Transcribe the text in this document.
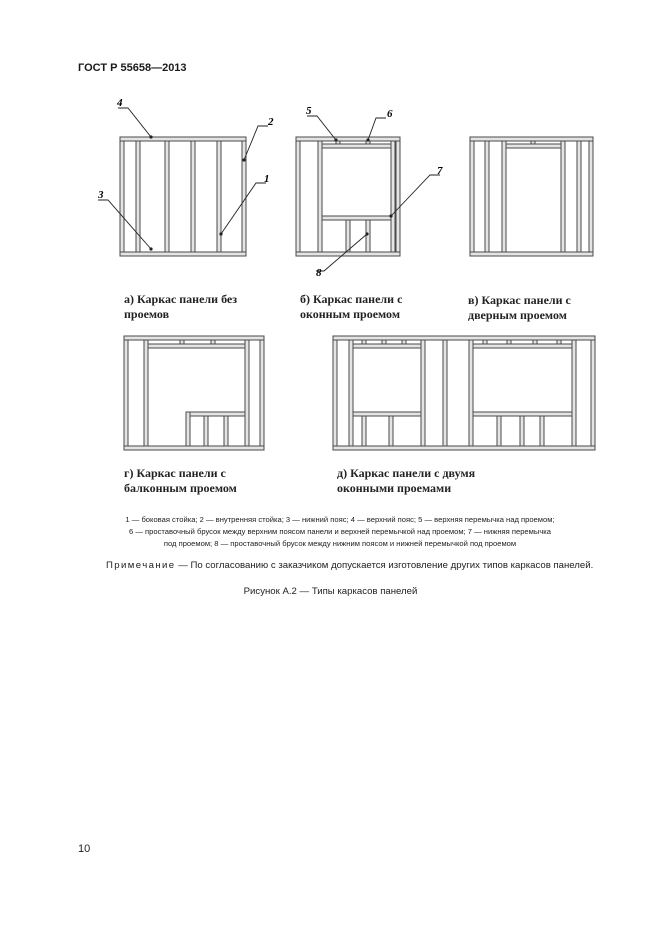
ГОСТ Р 55658—2013
4
2
1
3
5	6
7
8
а) Каркас панели без
проемов
б) Каркас панели с
оконным проемом
в) Каркас панели с
дверным проемом
г) Каркас панели с
балконным проемом
д) Каркас панели с двумя
оконными проемами
1 — боковая стойка; 2 — внутренняя стойка; 3 — нижний пояс; 4 — верхний пояс; 5 — верхняя перемычка над проемом;
6 — проставочный брусок между верхним поясом панели и верхней перемычкой над проемом; 7 — нижняя перемычка
под проемом; 8 — проставочный брусок между нижним поясом и нижней перемычкой под проемом
Примечание — По согласованию с заказчиком допускается изготовление других типов каркасов панелей.
Рисунок А.2 — Типы каркасов панелей
10
